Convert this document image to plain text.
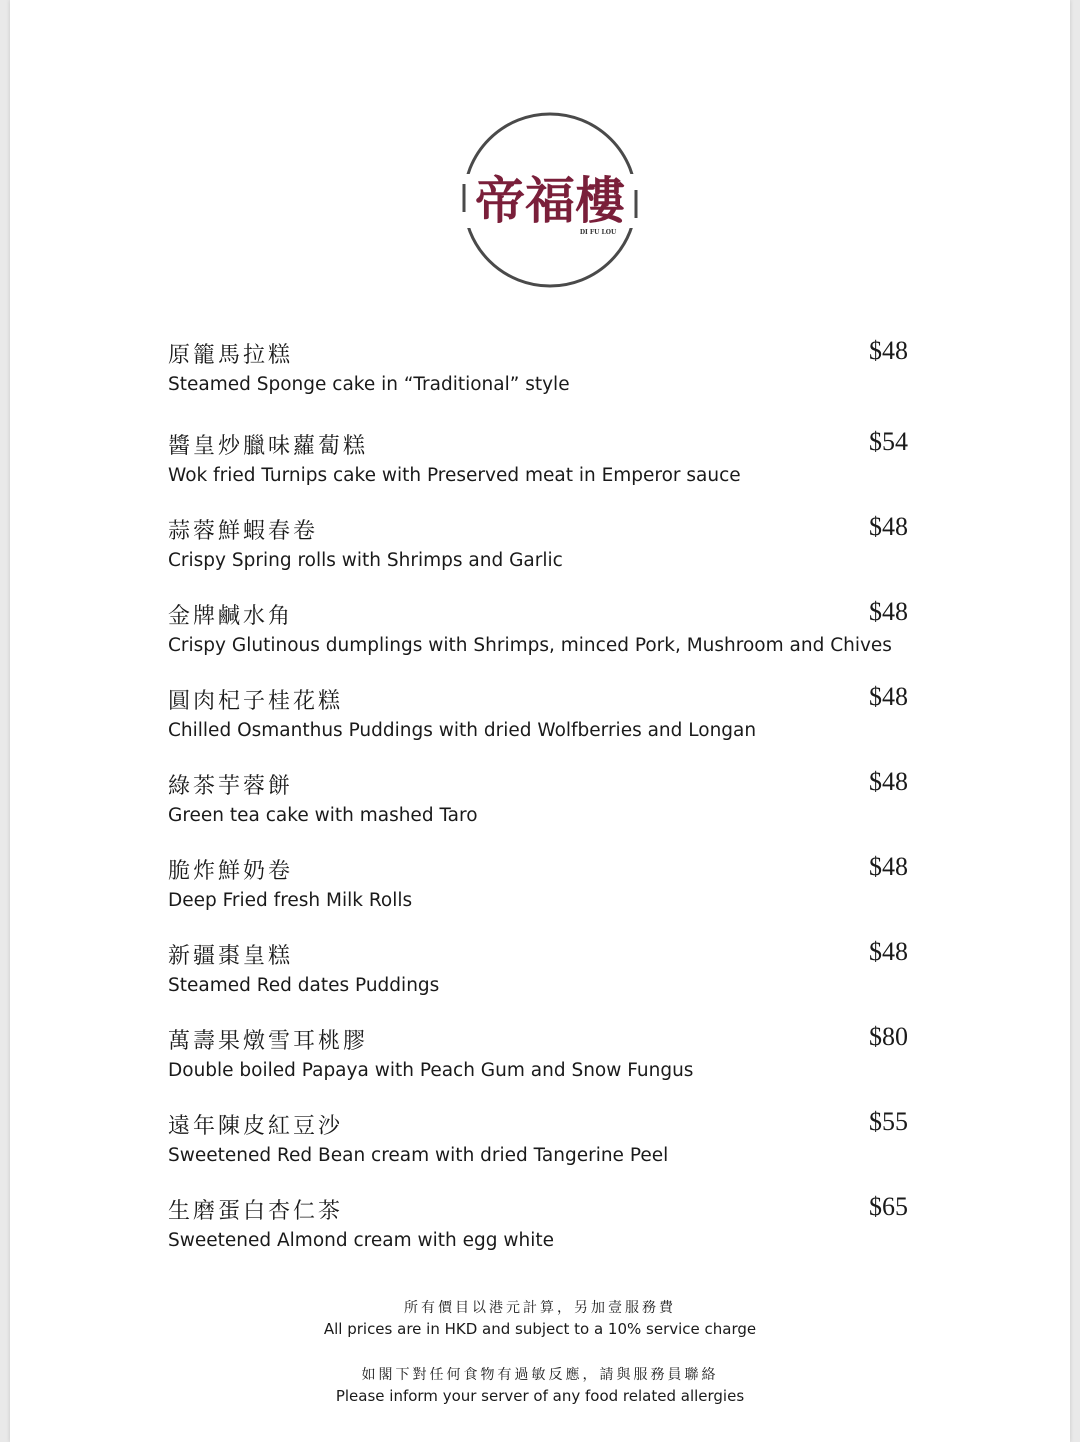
帝福樓
DI FU LOU
原籠馬拉糕
Steamed Sponge cake in “Traditional” style
$48
醬皇炒臘味蘿蔔糕
Wok fried Turnips cake with Preserved meat in Emperor sauce
$54
蒜蓉鮮蝦春卷
Crispy Spring rolls with Shrimps and Garlic
$48
金牌鹹水角
Crispy Glutinous dumplings with Shrimps, minced Pork, Mushroom and Chives
$48
圓肉杞子桂花糕
Chilled Osmanthus Puddings with dried Wolfberries and Longan
$48
綠茶芋蓉餅
Green tea cake with mashed Taro
$48
脆炸鮮奶卷
Deep Fried fresh Milk Rolls
$48
新疆棗皇糕
Steamed Red dates Puddings
$48
萬壽果燉雪耳桃膠
Double boiled Papaya with Peach Gum and Snow Fungus
$80
遠年陳皮紅豆沙
Sweetened Red Bean cream with dried Tangerine Peel
$55
生磨蛋白杏仁茶
Sweetened Almond cream with egg white
$65
所有價目以港元計算，另加壹服務費
All prices are in HKD and subject to a 10% service charge
如閣下對任何食物有過敏反應，請與服務員聯絡
Please inform your server of any food related allergies
